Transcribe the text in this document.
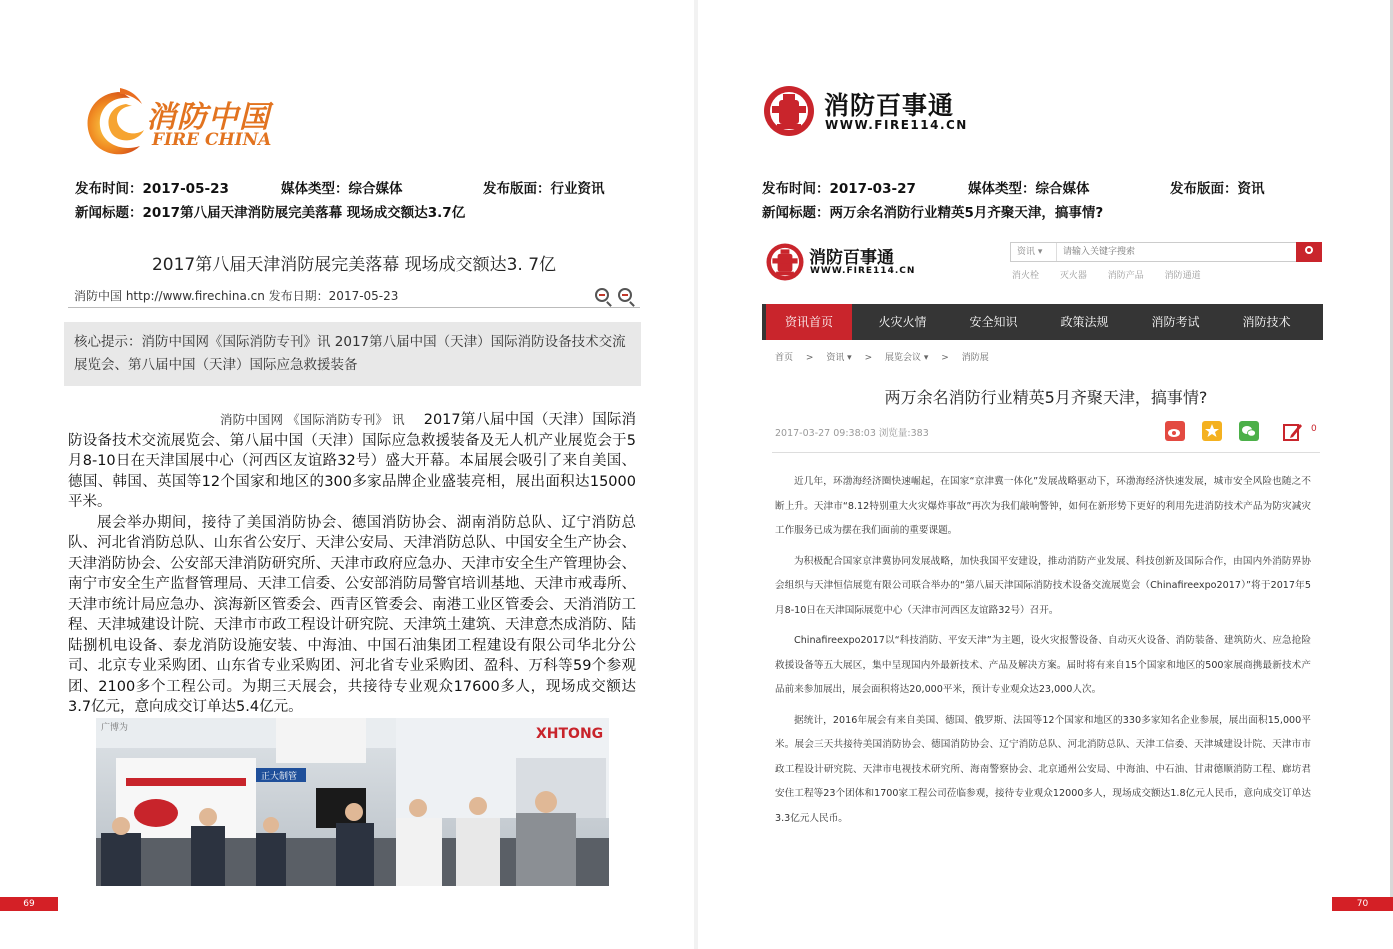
消防中国
FIRE CHINA
发布时间：2017-05-23	媒体类型：综合媒体	发布版面：行业资讯
新闻标题：2017第八届天津消防展完美落幕 现场成交额达3.7亿
2017第八届天津消防展完美落幕 现场成交额达3. 7亿
消防中国 http://www.firechina.cn 发布日期：2017-05-23
核心提示：消防中国网《国际消防专刊》讯 2017第八届中国（天津）国际消防设备技术交流展览会、第八届中国（天津）国际应急救援装备

消防中国网 《国际消防专刊》 讯 2017第八届中国（天津）国际消防设备技术交流展览会、第八届中国（天津）国际应急救援装备及无人机产业展览会于5月8-10日在天津国展中心（河西区友谊路32号）盛大开幕。本届展会吸引了来自美国、德国、韩国、英国等12个国家和地区的300多家品牌企业盛装亮相，展出面积达15000平米。

展会举办期间，接待了美国消防协会、德国消防协会、湖南消防总队、辽宁消防总队、河北省消防总队、山东省公安厅、天津公安局、天津消防总队、中国安全生产协会、天津消防协会、公安部天津消防研究所、天津市政府应急办、天津市安全生产管理协会、南宁市安全生产监督管理局、天津工信委、公安部消防局警官培训基地、天津市戒毒所、天津市统计局应急办、滨海新区管委会、西青区管委会、南港工业区管委会、天消消防工程、天津城建设计院、天津市市政工程设计研究院、天津筑土建筑、天津意杰成消防、陆陆捌机电设备、泰龙消防设施安装、中海油、中国石油集团工程建设有限公司华北分公司、北京专业采购团、山东省专业采购团、河北省专业采购团、盈科、万科等59个参观团、2100多个工程公司。为期三天展会，共接待专业观众17600多人，现场成交额达3.7亿元，意向成交订单达5.4亿元。

正大制管
广博为	XHTONG
69
消防百事通
WWW.FIRE114.CN
发布时间：2017-03-27	媒体类型：综合媒体	发布版面：资讯
新闻标题：两万余名消防行业精英5月齐聚天津，搞事情?
消防百事通
WWW.FIRE114.CN
资讯 ▾
请输入关键字搜索
消火栓 灭火器 消防产品 消防通道
资讯首页	火灾火情	安全知识	政策法规	消防考试	消防技术
首页 > 资讯 ▾ > 展览会议 ▾ > 消防展
两万余名消防行业精英5月齐聚天津，搞事情?
2017-03-27 09:38:03 浏览量:383	0

近几年，环渤海经济圈快速崛起，在国家“京津冀一体化”发展战略驱动下，环渤海经济快速发展，城市安全风险也随之不断上升。天津市“8.12特别重大火灾爆炸事故”再次为我们敲响警钟，如何在新形势下更好的利用先进消防技术产品为防灾减灾工作服务已成为摆在我们面前的重要课题。

为积极配合国家京津冀协同发展战略，加快我国平安建设，推动消防产业发展、科技创新及国际合作，由国内外消防界协会组织与天津恒信展览有限公司联合举办的“第八届天津国际消防技术设备交流展览会（Chinafireexpo2017）”将于2017年5月8-10日在天津国际展览中心（天津市河西区友谊路32号）召开。

Chinafireexpo2017以“科技消防、平安天津”为主题，设火灾报警设备、自动灭火设备、消防装备、建筑防火、应急抢险救援设备等五大展区，集中呈现国内外最新技术、产品及解决方案。届时将有来自15个国家和地区的500家展商携最新技术产品前来参加展出，展会面积将达20,000平米，预计专业观众达23,000人次。

据统计，2016年展会有来自美国、德国、俄罗斯、法国等12个国家和地区的330多家知名企业参展，展出面积15,000平米。展会三天共接待美国消防协会、德国消防协会、辽宁消防总队、河北消防总队、天津工信委、天津城建设计院、天津市市政工程设计研究院、天津市电视技术研究所、海南警察协会、北京通州公安局、中海油、中石油、甘肃德顺消防工程、廊坊君安住工程等23个团体和1700家工程公司莅临参观，接待专业观众12000多人，现场成交额达1.8亿元人民币，意向成交订单达3.3亿元人民币。

70
